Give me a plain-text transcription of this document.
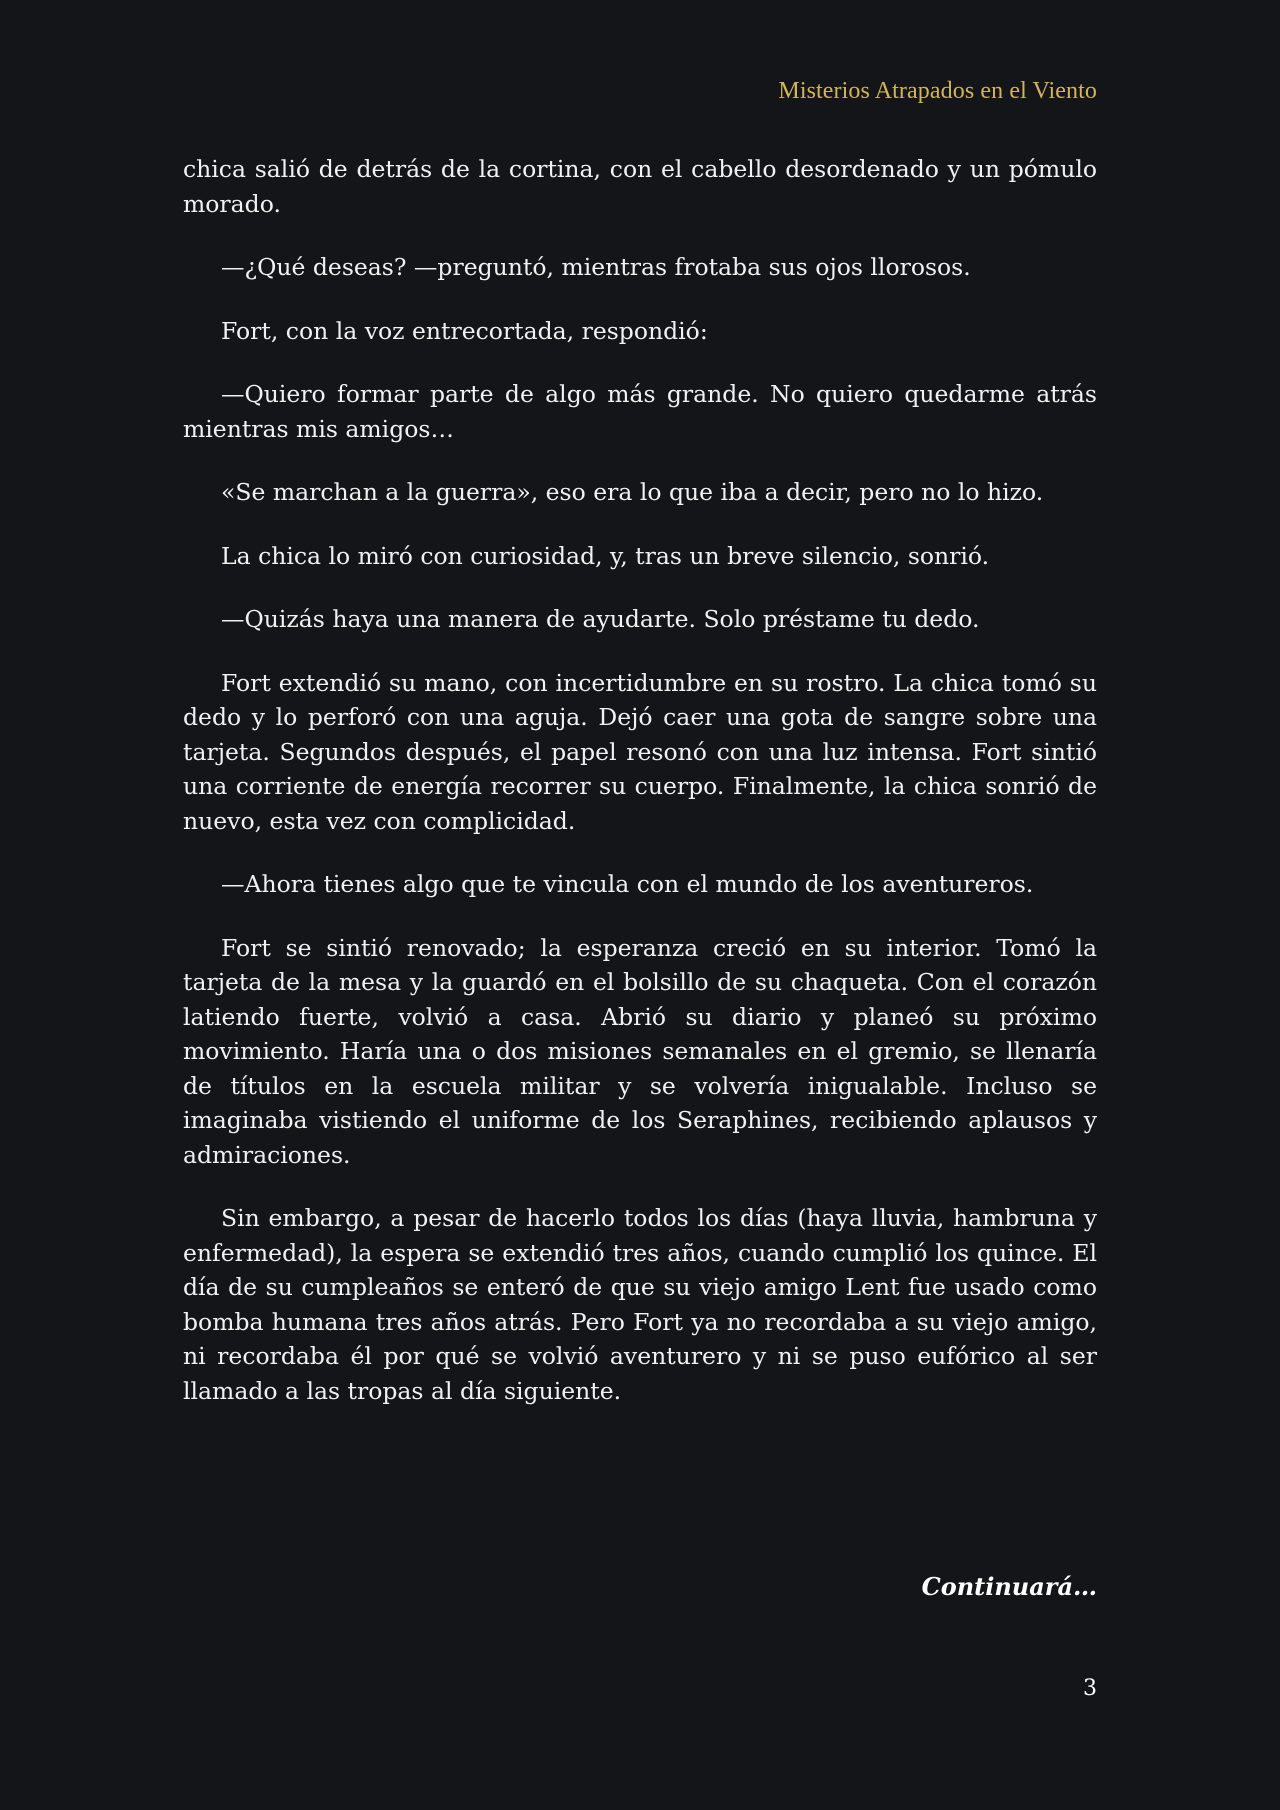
Misterios Atrapados en el Viento

chica salió de detrás de la cortina, con el cabello desordenado y un pómulo morado.

—¿Qué deseas? —preguntó, mientras frotaba sus ojos llorosos.

Fort, con la voz entrecortada, respondió:

—Quiero formar parte de algo más grande. No quiero quedarme atrás mientras mis amigos…

«Se marchan a la guerra», eso era lo que iba a decir, pero no lo hizo.

La chica lo miró con curiosidad, y, tras un breve silencio, sonrió.

—Quizás haya una manera de ayudarte. Solo préstame tu dedo.

Fort extendió su mano, con incertidumbre en su rostro. La chica tomó su dedo y lo perforó con una aguja. Dejó caer una gota de sangre sobre una tarjeta. Segundos después, el papel resonó con una luz intensa. Fort sintió una corriente de energía recorrer su cuerpo. Finalmente, la chica sonrió de nuevo, esta vez con complicidad.

—Ahora tienes algo que te vincula con el mundo de los aventureros.

Fort se sintió renovado; la esperanza creció en su interior. Tomó la tarjeta de la mesa y la guardó en el bolsillo de su chaqueta. Con el corazón latiendo fuerte, volvió a casa. Abrió su diario y planeó su próximo movimiento. Haría una o dos misiones semanales en el gremio, se llenaría de títulos en la escuela militar y se volvería inigualable. Incluso se imaginaba vistiendo el uniforme de los Seraphines, recibiendo aplausos y admiraciones.

Sin embargo, a pesar de hacerlo todos los días (haya lluvia, hambruna y enfermedad), la espera se extendió tres años, cuando cumplió los quince. El día de su cumpleaños se enteró de que su viejo amigo Lent fue usado como bomba humana tres años atrás. Pero Fort ya no recordaba a su viejo amigo, ni recordaba él por qué se volvió aventurero y ni se puso eufórico al ser llamado a las tropas al día siguiente.

Continuará…
3
